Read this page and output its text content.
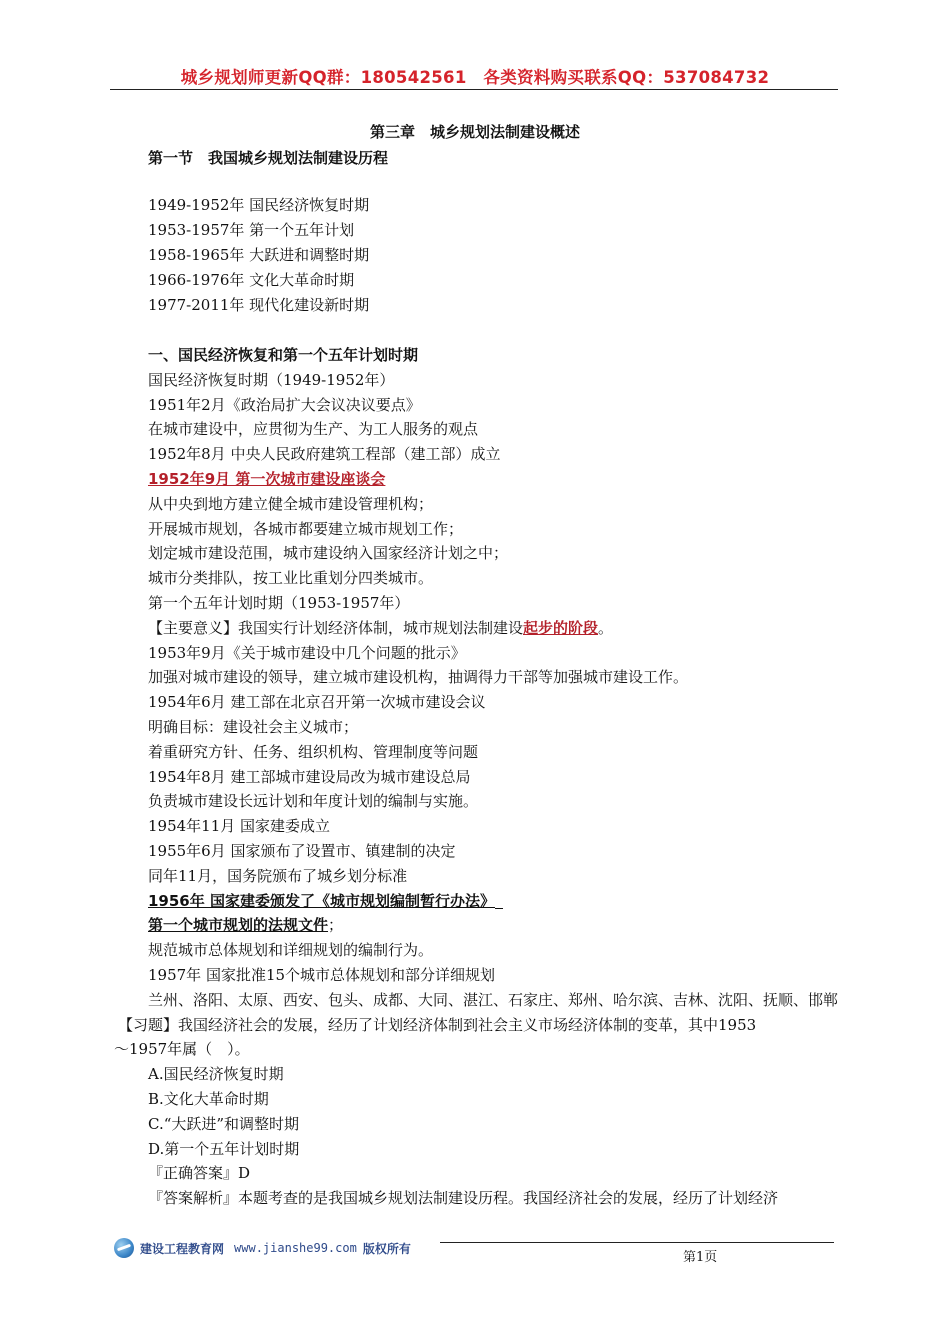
城乡规划师更新QQ群：180542561　各类资料购买联系QQ：537084732
第三章　城乡规划法制建设概述
第一节　我国城乡规划法制建设历程
1949-1952年 国民经济恢复时期
1953-1957年 第一个五年计划
1958-1965年 大跃进和调整时期
1966-1976年 文化大革命时期
1977-2011年 现代化建设新时期
一、国民经济恢复和第一个五年计划时期
国民经济恢复时期（1949-1952年）
1951年2月《政治局扩大会议决议要点》
在城市建设中，应贯彻为生产、为工人服务的观点
1952年8月 中央人民政府建筑工程部（建工部）成立
1952年9月 第一次城市建设座谈会
从中央到地方建立健全城市建设管理机构；
开展城市规划，各城市都要建立城市规划工作；
划定城市建设范围，城市建设纳入国家经济计划之中；
城市分类排队，按工业比重划分四类城市。
第一个五年计划时期（1953-1957年）
【主要意义】我国实行计划经济体制，城市规划法制建设起步的阶段。
1953年9月《关于城市建设中几个问题的批示》
加强对城市建设的领导，建立城市建设机构，抽调得力干部等加强城市建设工作。
1954年6月 建工部在北京召开第一次城市建设会议
明确目标：建设社会主义城市；
着重研究方针、任务、组织机构、管理制度等问题
1954年8月 建工部城市建设局改为城市建设总局
负责城市建设长远计划和年度计划的编制与实施。
1954年11月 国家建委成立
1955年6月 国家颁布了设置市、镇建制的决定
同年11月，国务院颁布了城乡划分标准
1956年 国家建委颁发了《城市规划编制暂行办法》
第一个城市规划的法规文件；
规范城市总体规划和详细规划的编制行为。
1957年 国家批准15个城市总体规划和部分详细规划
兰州、洛阳、太原、西安、包头、成都、大同、湛江、石家庄、郑州、哈尔滨、吉林、沈阳、抚顺、邯郸
【习题】我国经济社会的发展，经历了计划经济体制到社会主义市场经济体制的变革，其中1953
～1957年属（　）。
A.国民经济恢复时期
B.文化大革命时期
C.“大跃进”和调整时期
D.第一个五年计划时期
『正确答案』D
『答案解析』本题考查的是我国城乡规划法制建设历程。我国经济社会的发展，经历了计划经济
建设工程教育网 www.jianshe99.com 版权所有
第1页
